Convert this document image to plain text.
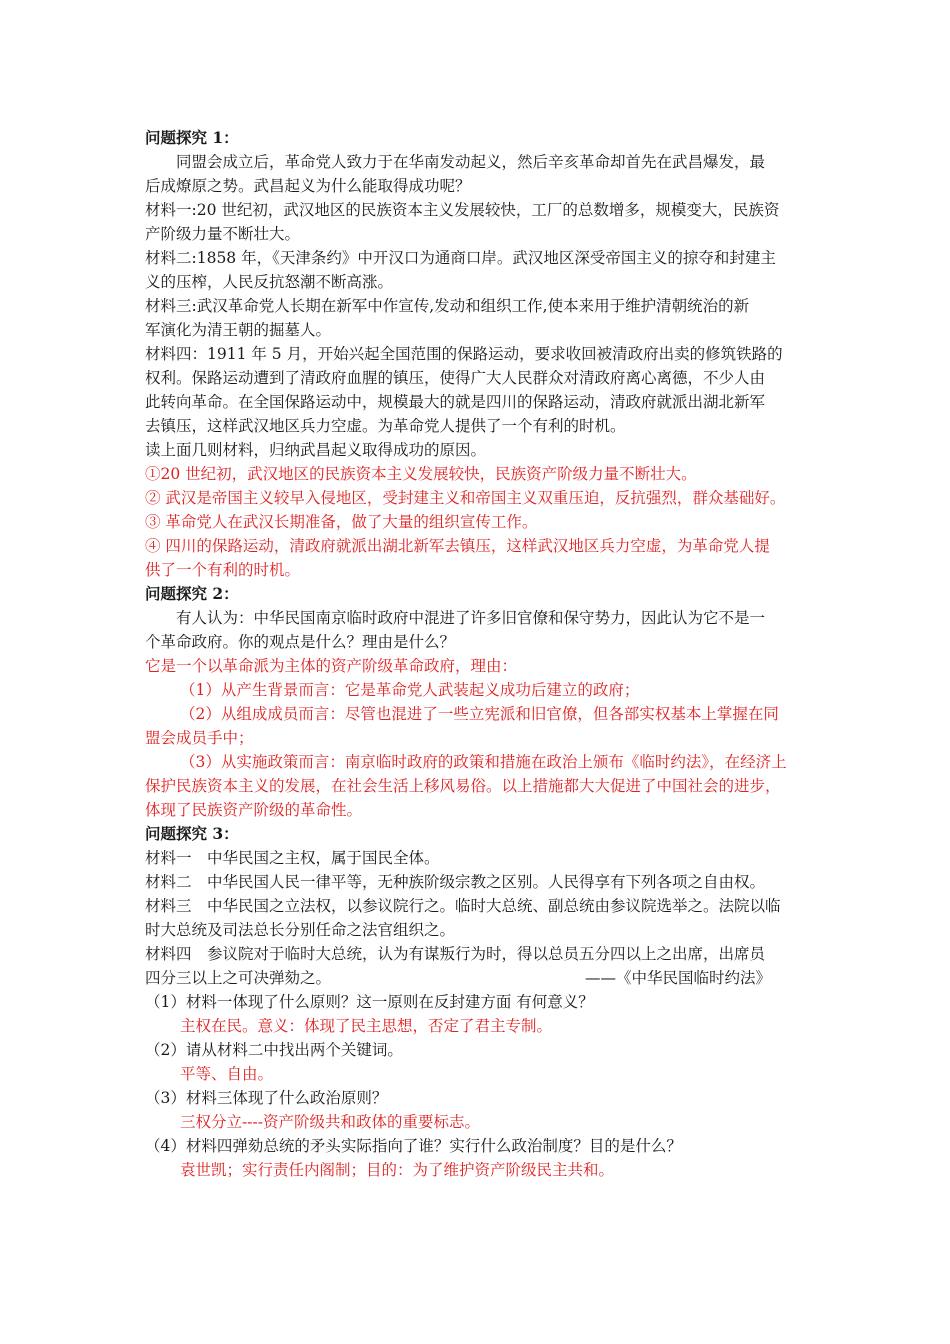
问题探究 1：
同盟会成立后，革命党人致力于在华南发动起义，然后辛亥革命却首先在武昌爆发，最
后成燎原之势。武昌起义为什么能取得成功呢？
材料一:20 世纪初，武汉地区的民族资本主义发展较快，工厂的总数增多，规模变大，民族资
产阶级力量不断壮大。
材料二:1858 年，《天津条约》中开汉口为通商口岸。武汉地区深受帝国主义的掠夺和封建主
义的压榨，人民反抗怒潮不断高涨。
材料三:武汉革命党人长期在新军中作宣传,发动和组织工作,使本来用于维护清朝统治的新
军演化为清王朝的掘墓人。
材料四：1911 年 5 月，开始兴起全国范围的保路运动，要求收回被清政府出卖的修筑铁路的
权利。保路运动遭到了清政府血腥的镇压，使得广大人民群众对清政府离心离德，不少人由
此转向革命。在全国保路运动中，规模最大的就是四川的保路运动，清政府就派出湖北新军
去镇压，这样武汉地区兵力空虚。为革命党人提供了一个有利的时机。
读上面几则材料，归纳武昌起义取得成功的原因。
①20 世纪初，武汉地区的民族资本主义发展较快，民族资产阶级力量不断壮大。
② 武汉是帝国主义较早入侵地区，受封建主义和帝国主义双重压迫，反抗强烈，群众基础好。
③ 革命党人在武汉长期准备，做了大量的组织宣传工作。
④ 四川的保路运动，清政府就派出湖北新军去镇压，这样武汉地区兵力空虚，为革命党人提
供了一个有利的时机。
问题探究 2：
有人认为：中华民国南京临时政府中混进了许多旧官僚和保守势力，因此认为它不是一
个革命政府。你的观点是什么？理由是什么？
它是一个以革命派为主体的资产阶级革命政府，理由：
（1）从产生背景而言：它是革命党人武装起义成功后建立的政府；
（2）从组成成员而言：尽管也混进了一些立宪派和旧官僚，但各部实权基本上掌握在同
盟会成员手中；
（3）从实施政策而言：南京临时政府的政策和措施在政治上颁布《临时约法》，在经济上
保护民族资本主义的发展，在社会生活上移风易俗。以上措施都大大促进了中国社会的进步，
体现了民族资产阶级的革命性。
问题探究 3：
材料一　中华民国之主权，属于国民全体。
材料二　中华民国人民一律平等，无种族阶级宗教之区别。人民得享有下列各项之自由权。
材料三　中华民国之立法权，以参议院行之。临时大总统、副总统由参议院选举之。法院以临
时大总统及司法总长分别任命之法官组织之。
材料四　参议院对于临时大总统，认为有谋叛行为时，得以总员五分四以上之出席，出席员
四分三以上之可决弹劾之。	——《中华民国临时约法》
（1）材料一体现了什么原则？这一原则在反封建方面 有何意义？
主权在民。意义：体现了民主思想，否定了君主专制。
（2）请从材料二中找出两个关键词。
平等、自由。
（3）材料三体现了什么政治原则？
三权分立----资产阶级共和政体的重要标志。
（4）材料四弹劾总统的矛头实际指向了谁？实行什么政治制度？目的是什么？
袁世凯；实行责任内阁制；目的：为了维护资产阶级民主共和。
